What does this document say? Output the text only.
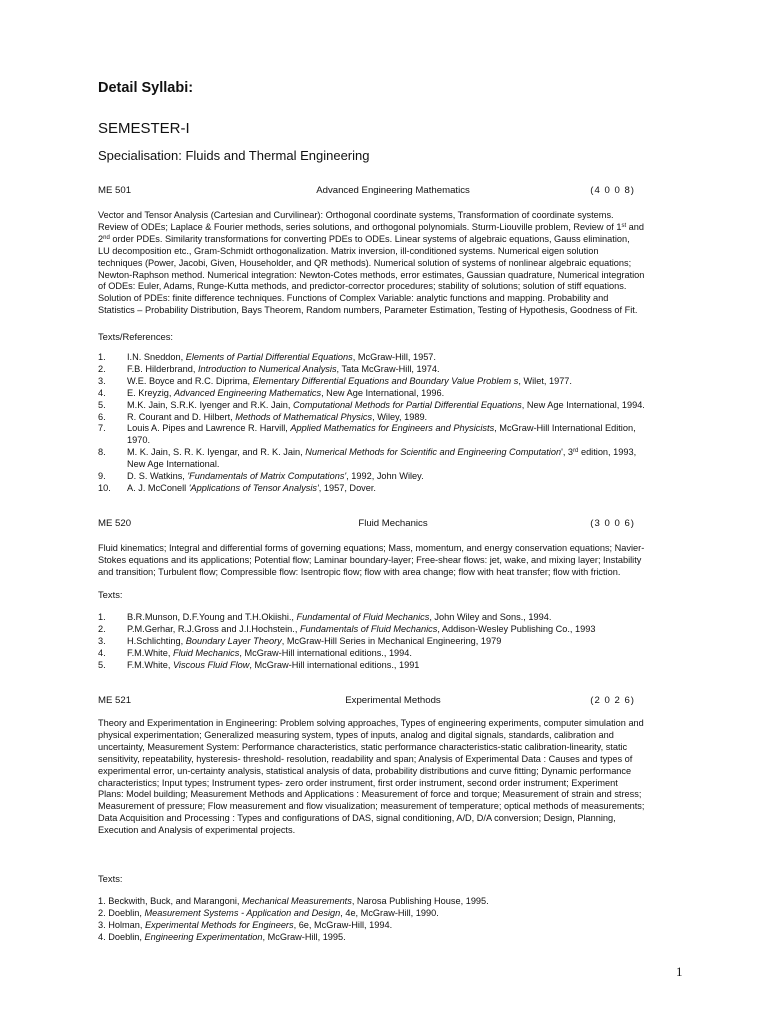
Detail Syllabi:
SEMESTER-I
Specialisation: Fluids and Thermal Engineering
ME 501	Advanced Engineering Mathematics	(4 0 0 8)
Vector and Tensor Analysis (Cartesian and Curvilinear): Orthogonal coordinate systems, Transformation of coordinate systems.
Review of ODEs; Laplace & Fourier methods, series solutions, and orthogonal polynomials. Sturm-Liouville problem, Review of 1st and
2nd order PDEs. Similarity transformations for converting PDEs to ODEs. Linear systems of algebraic equations, Gauss elimination,
LU decomposition etc., Gram-Schmidt orthogonalization. Matrix inversion, ill-conditioned systems. Numerical eigen solution
techniques (Power, Jacobi, Given, Householder, and QR methods). Numerical solution of systems of nonlinear algebraic equations;
Newton-Raphson method. Numerical integration: Newton-Cotes methods, error estimates, Gaussian quadrature, Numerical integration
of ODEs: Euler, Adams, Runge-Kutta methods, and predictor-corrector procedures; stability of solutions; solution of stiff equations.
Solution of PDEs: finite difference techniques. Functions of Complex Variable: analytic functions and mapping. Probability and
Statistics – Probability Distribution, Bays Theorem, Random numbers, Parameter Estimation, Testing of Hypothesis, Goodness of Fit.
Texts/References:
1. I.N. Sneddon, Elements of Partial Differential Equations, McGraw-Hill, 1957.
2. F.B. Hilderbrand, Introduction to Numerical Analysis, Tata McGraw-Hill, 1974.
3. W.E. Boyce and R.C. Diprima, Elementary Differential Equations and Boundary Value Problem s, Wilet, 1977.
4. E. Kreyzig, Advanced Engineering Mathematics, New Age International, 1996.
5. M.K. Jain, S.R.K. Iyenger and R.K. Jain, Computational Methods for Partial Differential Equations, New Age International, 1994.
6. R. Courant and D. Hilbert, Methods of Mathematical Physics, Wiley, 1989.
7. Louis A. Pipes and Lawrence R. Harvill, Applied Mathematics for Engineers and Physicists, McGraw-Hill International Edition,
1970.
8. M. K. Jain, S. R. K. Iyengar, and R. K. Jain, Numerical Methods for Scientific and Engineering Computation', 3rd edition, 1993,
New Age International.
9. D. S. Watkins, 'Fundamentals of Matrix Computations', 1992, John Wiley.
10. A. J. McConell 'Applications of Tensor Analysis', 1957, Dover.
ME 520	Fluid Mechanics	(3 0 0 6)
Fluid kinematics; Integral and differential forms of governing equations; Mass, momentum, and energy conservation equations; Navier-
Stokes equations and its applications; Potential flow; Laminar boundary-layer; Free-shear flows: jet, wake, and mixing layer; Instability
and transition; Turbulent flow; Compressible flow: Isentropic flow; flow with area change; flow with heat transfer; flow with friction.
Texts:
1. B.R.Munson, D.F.Young and T.H.Okiishi., Fundamental of Fluid Mechanics, John Wiley and Sons., 1994.
2. P.M.Gerhar, R.J.Gross and J.I.Hochstein., Fundamentals of Fluid Mechanics, Addison-Wesley Publishing Co., 1993
3. H.Schlichting, Boundary Layer Theory, McGraw-Hill Series in Mechanical Engineering, 1979
4. F.M.White, Fluid Mechanics, McGraw-Hill international editions., 1994.
5. F.M.White, Viscous Fluid Flow, McGraw-Hill international editions., 1991
ME 521	Experimental Methods	(2 0 2 6)
Theory and Experimentation in Engineering: Problem solving approaches, Types of engineering experiments, computer simulation and
physical experimentation; Generalized measuring system, types of inputs, analog and digital signals, standards, calibration and
uncertainty, Measurement System: Performance characteristics, static performance characteristics-static calibration-linearity, static
sensitivity, repeatability, hysteresis- threshold- resolution, readability and span; Analysis of Experimental Data : Causes and types of
experimental error, un-certainty analysis, statistical analysis of data, probability distributions and curve fitting; Dynamic performance
characteristics; Input types; Instrument types- zero order instrument, first order instrument, second order instrument; Experiment
Plans: Model building; Measurement Methods and Applications : Measurement of force and torque; Measurement of strain and stress;
Measurement of pressure; Flow measurement and flow visualization; measurement of temperature; optical methods of measurements;
Data Acquisition and Processing : Types and configurations of DAS, signal conditioning, A/D, D/A conversion; Design, Planning,
Execution and Analysis of experimental projects.
Texts:
1. Beckwith, Buck, and Marangoni, Mechanical Measurements, Narosa Publishing House, 1995.
2. Doeblin, Measurement Systems - Application and Design, 4e, McGraw-Hill, 1990.
3. Holman, Experimental Methods for Engineers, 6e, McGraw-Hill, 1994.
4. Doeblin, Engineering Experimentation, McGraw-Hill, 1995.
1
